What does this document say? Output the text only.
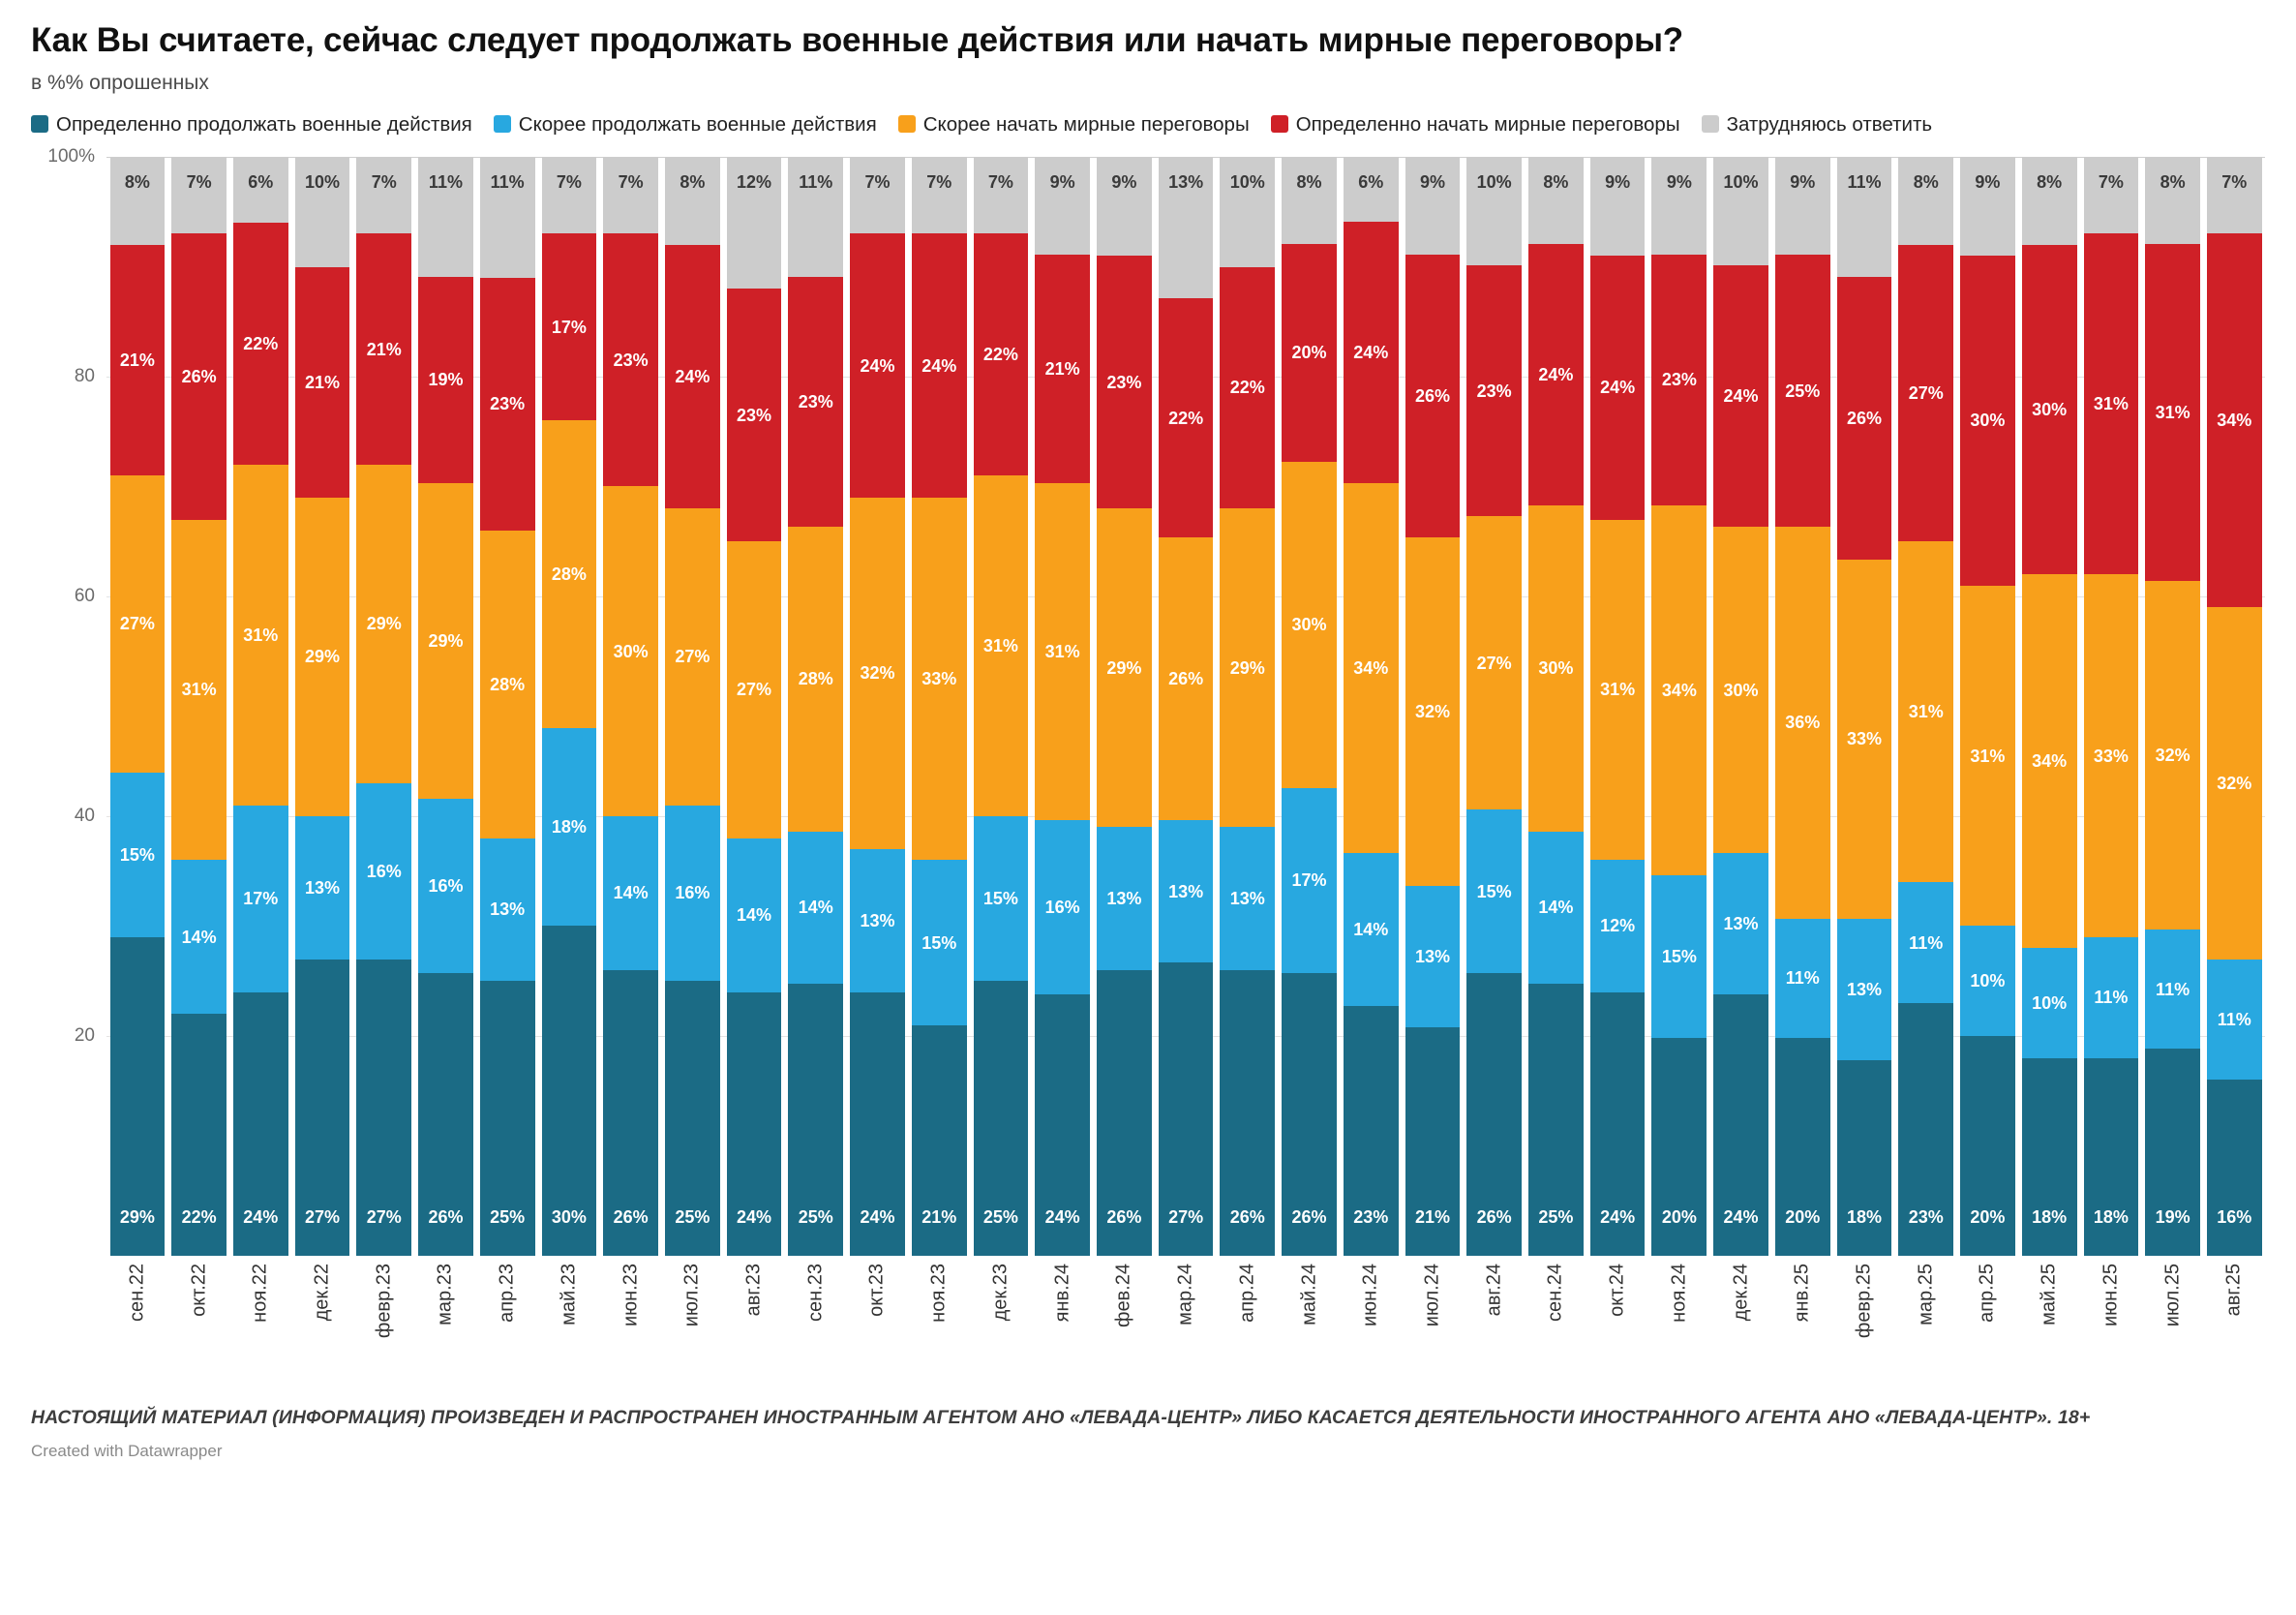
Как Вы считаете, сейчас следует продолжать военные действия или начать мирные переговоры?
в %% опрошенных
Определенно продолжать военные действия Скорее продолжать военные действия Скорее начать мирные переговоры Определенно начать мирные переговоры Затрудняюсь ответить
20
40
60
80
100%
8%
21%
27%
15%
29%
7%
26%
31%
14%
22%
6%
22%
31%
17%
24%
10%
21%
29%
13%
27%
7%
21%
29%
16%
27%
11%
19%
29%
16%
26%
11%
23%
28%
13%
25%
7%
17%
28%
18%
30%
7%
23%
30%
14%
26%
8%
24%
27%
16%
25%
12%
23%
27%
14%
24%
11%
23%
28%
14%
25%
7%
24%
32%
13%
24%
7%
24%
33%
15%
21%
7%
22%
31%
15%
25%
9%
21%
31%
16%
24%
9%
23%
29%
13%
26%
13%
22%
26%
13%
27%
10%
22%
29%
13%
26%
8%
20%
30%
17%
26%
6%
24%
34%
14%
23%
9%
26%
32%
13%
21%
10%
23%
27%
15%
26%
8%
24%
30%
14%
25%
9%
24%
31%
12%
24%
9%
23%
34%
15%
20%
10%
24%
30%
13%
24%
9%
25%
36%
11%
20%
11%
26%
33%
13%
18%
8%
27%
31%
11%
23%
9%
30%
31%
10%
20%
8%
30%
34%
10%
18%
7%
31%
33%
11%
18%
8%
31%
32%
11%
19%
7%
34%
32%
11%
16%
сен.22 окт.22 ноя.22 дек.22 февр.23 мар.23 апр.23 май.23 июн.23 июл.23 авг.23 сен.23 окт.23 ноя.23 дек.23 янв.24 фев.24 мар.24 апр.24 май.24 июн.24 июл.24 авг.24 сен.24 окт.24 ноя.24 дек.24 янв.25 февр.25 мар.25 апр.25 май.25 июн.25 июл.25 авг.25
НАСТОЯЩИЙ МАТЕРИАЛ (ИНФОРМАЦИЯ) ПРОИЗВЕДЕН И РАСПРОСТРАНЕН ИНОСТРАННЫМ АГЕНТОМ АНО «ЛЕВАДА-ЦЕНТР» ЛИБО КАСАЕТСЯ ДЕЯТЕЛЬНОСТИ ИНОСТРАННОГО АГЕНТА АНО «ЛЕВАДА-ЦЕНТР». 18+
Created with Datawrapper
